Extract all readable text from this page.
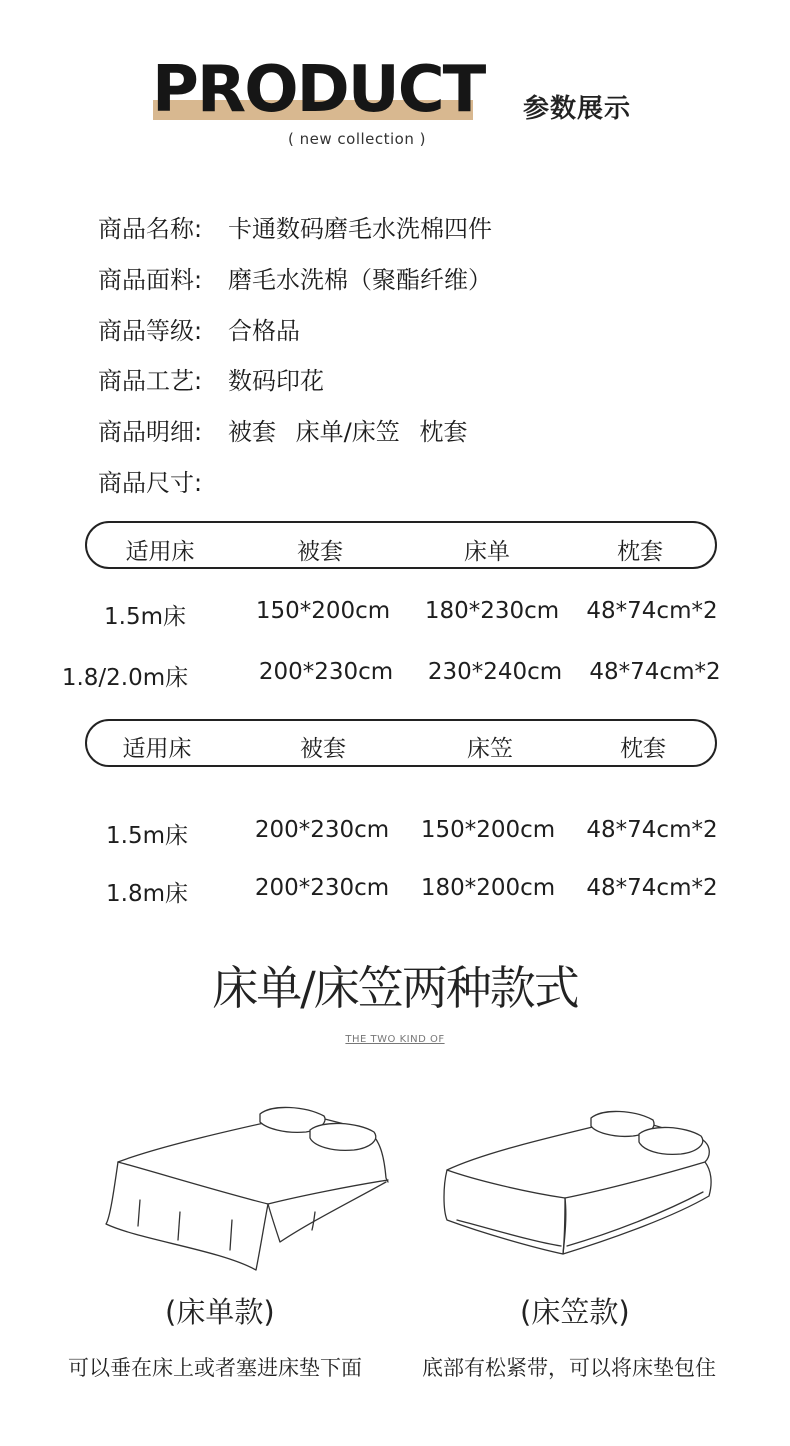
PRODUCT 参数展示
( new collection )
商品名称: 卡通数码磨毛水洗棉四件
商品面料: 磨毛水洗棉（聚酯纤维）
商品等级: 合格品
商品工艺: 数码印花
商品明细: 被套 床单/床笠 枕套
商品尺寸:
适用床	被套	床单	枕套
1.5m床	150*200cm 180*230cm 48*74cm*2
1.8/2.0m床	200*230cm 230*240cm 48*74cm*2
适用床	被套	床笠	枕套
1.5m床	200*230cm 150*200cm 48*74cm*2
1.8m床	200*230cm 180*200cm 48*74cm*2
床单/床笠两种款式
THE TWO KIND OF
(床单款)	(床笠款)
可以垂在床上或者塞进床垫下面	底部有松紧带，可以将床垫包住
